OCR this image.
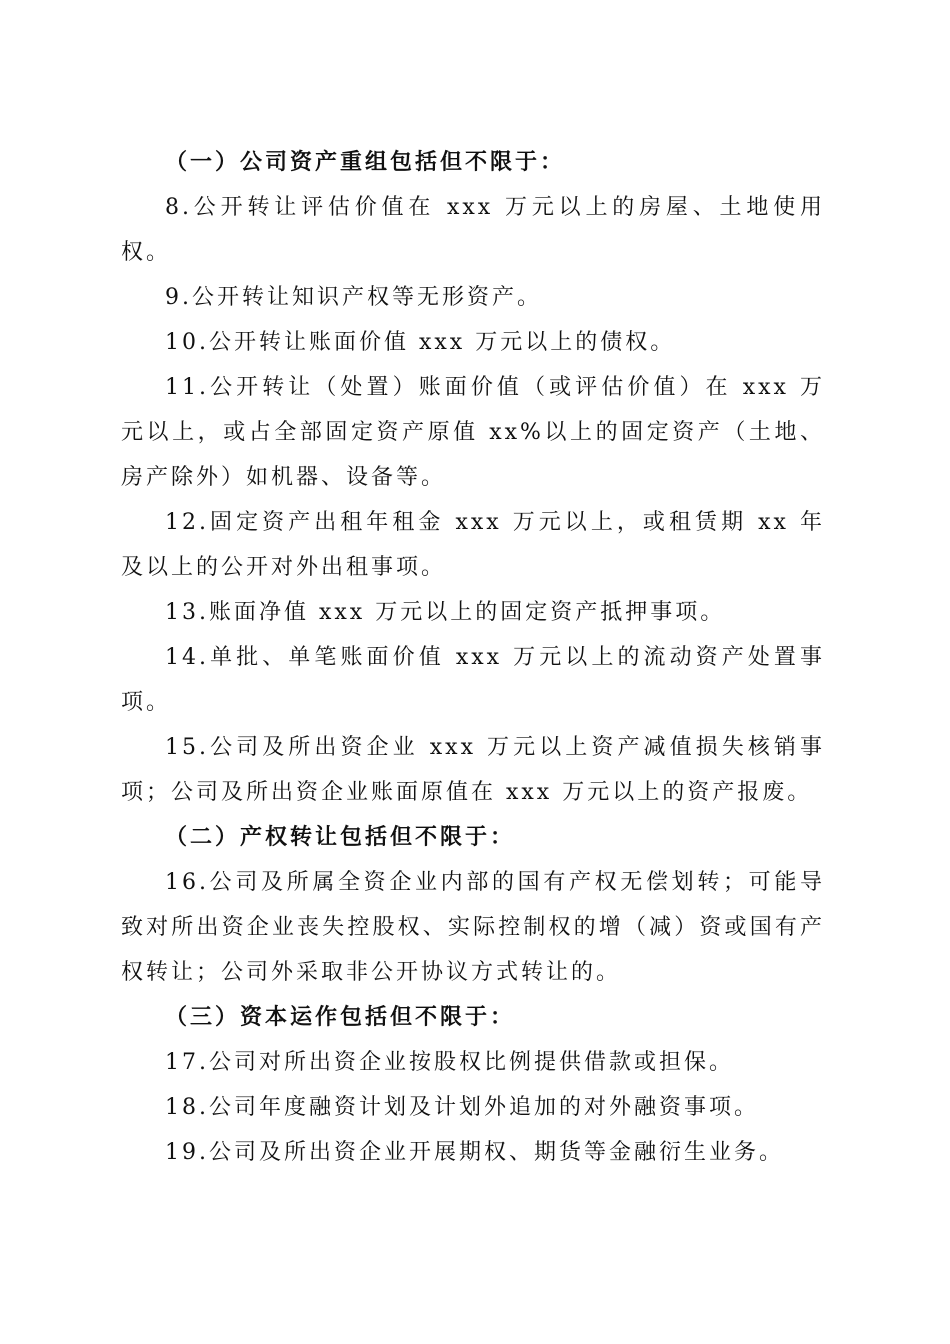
（一）公司资产重组包括但不限于：

8.公开转让评估价值在 xxx 万元以上的房屋、土地使用权。

9.公开转让知识产权等无形资产。

10.公开转让账面价值 xxx 万元以上的债权。

11.公开转让（处置）账面价值（或评估价值）在 xxx 万元以上，或占全部固定资产原值 xx%以上的固定资产（土地、房产除外）如机器、设备等。

12.固定资产出租年租金 xxx 万元以上，或租赁期 xx 年及以上的公开对外出租事项。

13.账面净值 xxx 万元以上的固定资产抵押事项。

14.单批、单笔账面价值 xxx 万元以上的流动资产处置事项。

15.公司及所出资企业 xxx 万元以上资产减值损失核销事项；公司及所出资企业账面原值在 xxx 万元以上的资产报废。

（二）产权转让包括但不限于：

16.公司及所属全资企业内部的国有产权无偿划转；可能导致对所出资企业丧失控股权、实际控制权的增（减）资或国有产权转让；公司外采取非公开协议方式转让的。

（三）资本运作包括但不限于：

17.公司对所出资企业按股权比例提供借款或担保。

18.公司年度融资计划及计划外追加的对外融资事项。

19.公司及所出资企业开展期权、期货等金融衍生业务。
